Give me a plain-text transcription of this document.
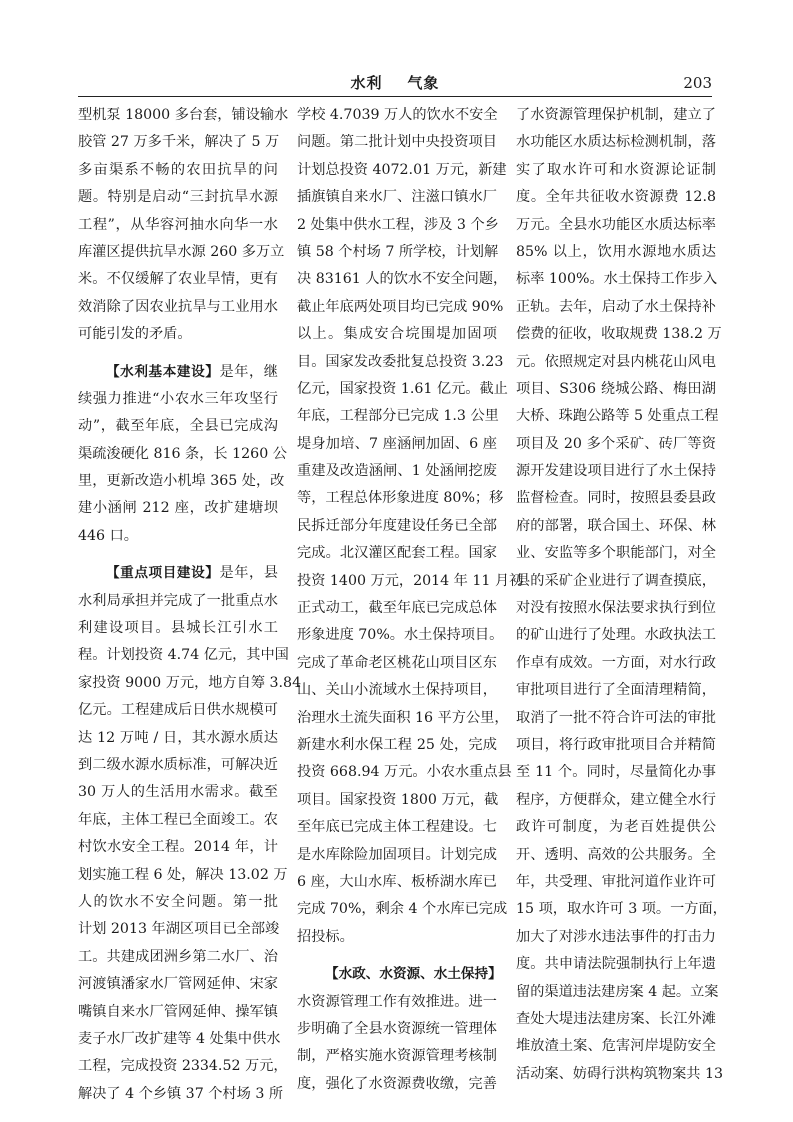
水利    气象	203
型机泵 18000 多台套，铺设输水
胶管 27 万多千米，解决了 5 万
多亩渠系不畅的农田抗旱的问
题。特别是启动“三封抗旱水源
工程”，从华容河抽水向华一水
库灌区提供抗旱水源 260 多万立
米。不仅缓解了农业旱情，更有
效消除了因农业抗旱与工业用水
可能引发的矛盾。
【水利基本建设】是年，继
续强力推进“小农水三年攻坚行
动”，截至年底，全县已完成沟
渠疏浚硬化 816 条，长 1260 公
里，更新改造小机埠 365 处，改
建小涵闸 212 座，改扩建塘坝
446 口。
【重点项目建设】是年，县
水利局承担并完成了一批重点水
利建设项目。县城长江引水工
程。计划投资 4.74 亿元，其中国
家投资 9000 万元，地方自筹 3.84
亿元。工程建成后日供水规模可
达 12 万吨 / 日，其水源水质达
到二级水源水质标准，可解决近
30 万人的生活用水需求。截至
年底，主体工程已全面竣工。农
村饮水安全工程。2014 年，计
划实施工程 6 处，解决 13.02 万
人的饮水不安全问题。第一批
计划 2013 年湖区项目已全部竣
工。共建成团洲乡第二水厂、治
河渡镇潘家水厂管网延伸、宋家
嘴镇自来水厂管网延伸、操军镇
麦子水厂改扩建等 4 处集中供水
工程，完成投资 2334.52 万元，
解决了 4 个乡镇 37 个村场 3 所
学校 4.7039 万人的饮水不安全
问题。第二批计划中央投资项目
计划总投资 4072.01 万元，新建
插旗镇自来水厂、注滋口镇水厂
2 处集中供水工程，涉及 3 个乡
镇 58 个村场 7 所学校，计划解
决 83161 人的饮水不安全问题，
截止年底两处项目均已完成 90%
以上。集成安合垸围堤加固项
目。国家发改委批复总投资 3.23
亿元，国家投资 1.61 亿元。截止
年底，工程部分已完成 1.3 公里
堤身加培、7 座涵闸加固、6 座
重建及改造涵闸、1 处涵闸挖废
等，工程总体形象进度 80%；移
民拆迁部分年度建设任务已全部
完成。北汉灌区配套工程。国家
投资 1400 万元，2014 年 11 月初
正式动工，截至年底已完成总体
形象进度 70%。水土保持项目。
完成了革命老区桃花山项目区东
山、关山小流域水土保持项目，
治理水土流失面积 16 平方公里，
新建水利水保工程 25 处，完成
投资 668.94 万元。小农水重点县
项目。国家投资 1800 万元，截
至年底已完成主体工程建设。七
是水库除险加固项目。计划完成
6 座，大山水库、板桥湖水库已
完成 70%，剩余 4 个水库已完成
招投标。
【水政、水资源、水土保持】
水资源管理工作有效推进。进一
步明确了全县水资源统一管理体
制，严格实施水资源管理考核制
度，强化了水资源费收缴，完善
了水资源管理保护机制，建立了
水功能区水质达标检测机制，落
实了取水许可和水资源论证制
度。全年共征收水资源费 12.8
万元。全县水功能区水质达标率
85% 以上，饮用水源地水质达
标率 100%。水土保持工作步入
正轨。去年，启动了水土保持补
偿费的征收，收取规费 138.2 万
元。依照规定对县内桃花山风电
项目、S306 绕城公路、梅田湖
大桥、珠跑公路等 5 处重点工程
项目及 20 多个采矿、砖厂等资
源开发建设项目进行了水土保持
监督检查。同时，按照县委县政
府的部署，联合国土、环保、林
业、安监等多个职能部门，对全
县的采矿企业进行了调查摸底，
对没有按照水保法要求执行到位
的矿山进行了处理。水政执法工
作卓有成效。一方面，对水行政
审批项目进行了全面清理精简，
取消了一批不符合许可法的审批
项目，将行政审批项目合并精简
至 11 个。同时，尽量简化办事
程序，方便群众，建立健全水行
政许可制度，为老百姓提供公
开、透明、高效的公共服务。全
年，共受理、审批河道作业许可
15 项，取水许可 3 项。一方面，
加大了对涉水违法事件的打击力
度。共申请法院强制执行上年遗
留的渠道违法建房案 4 起。立案
查处大堤违法建房案、长江外滩
堆放渣土案、危害河岸堤防安全
活动案、妨碍行洪构筑物案共 13
